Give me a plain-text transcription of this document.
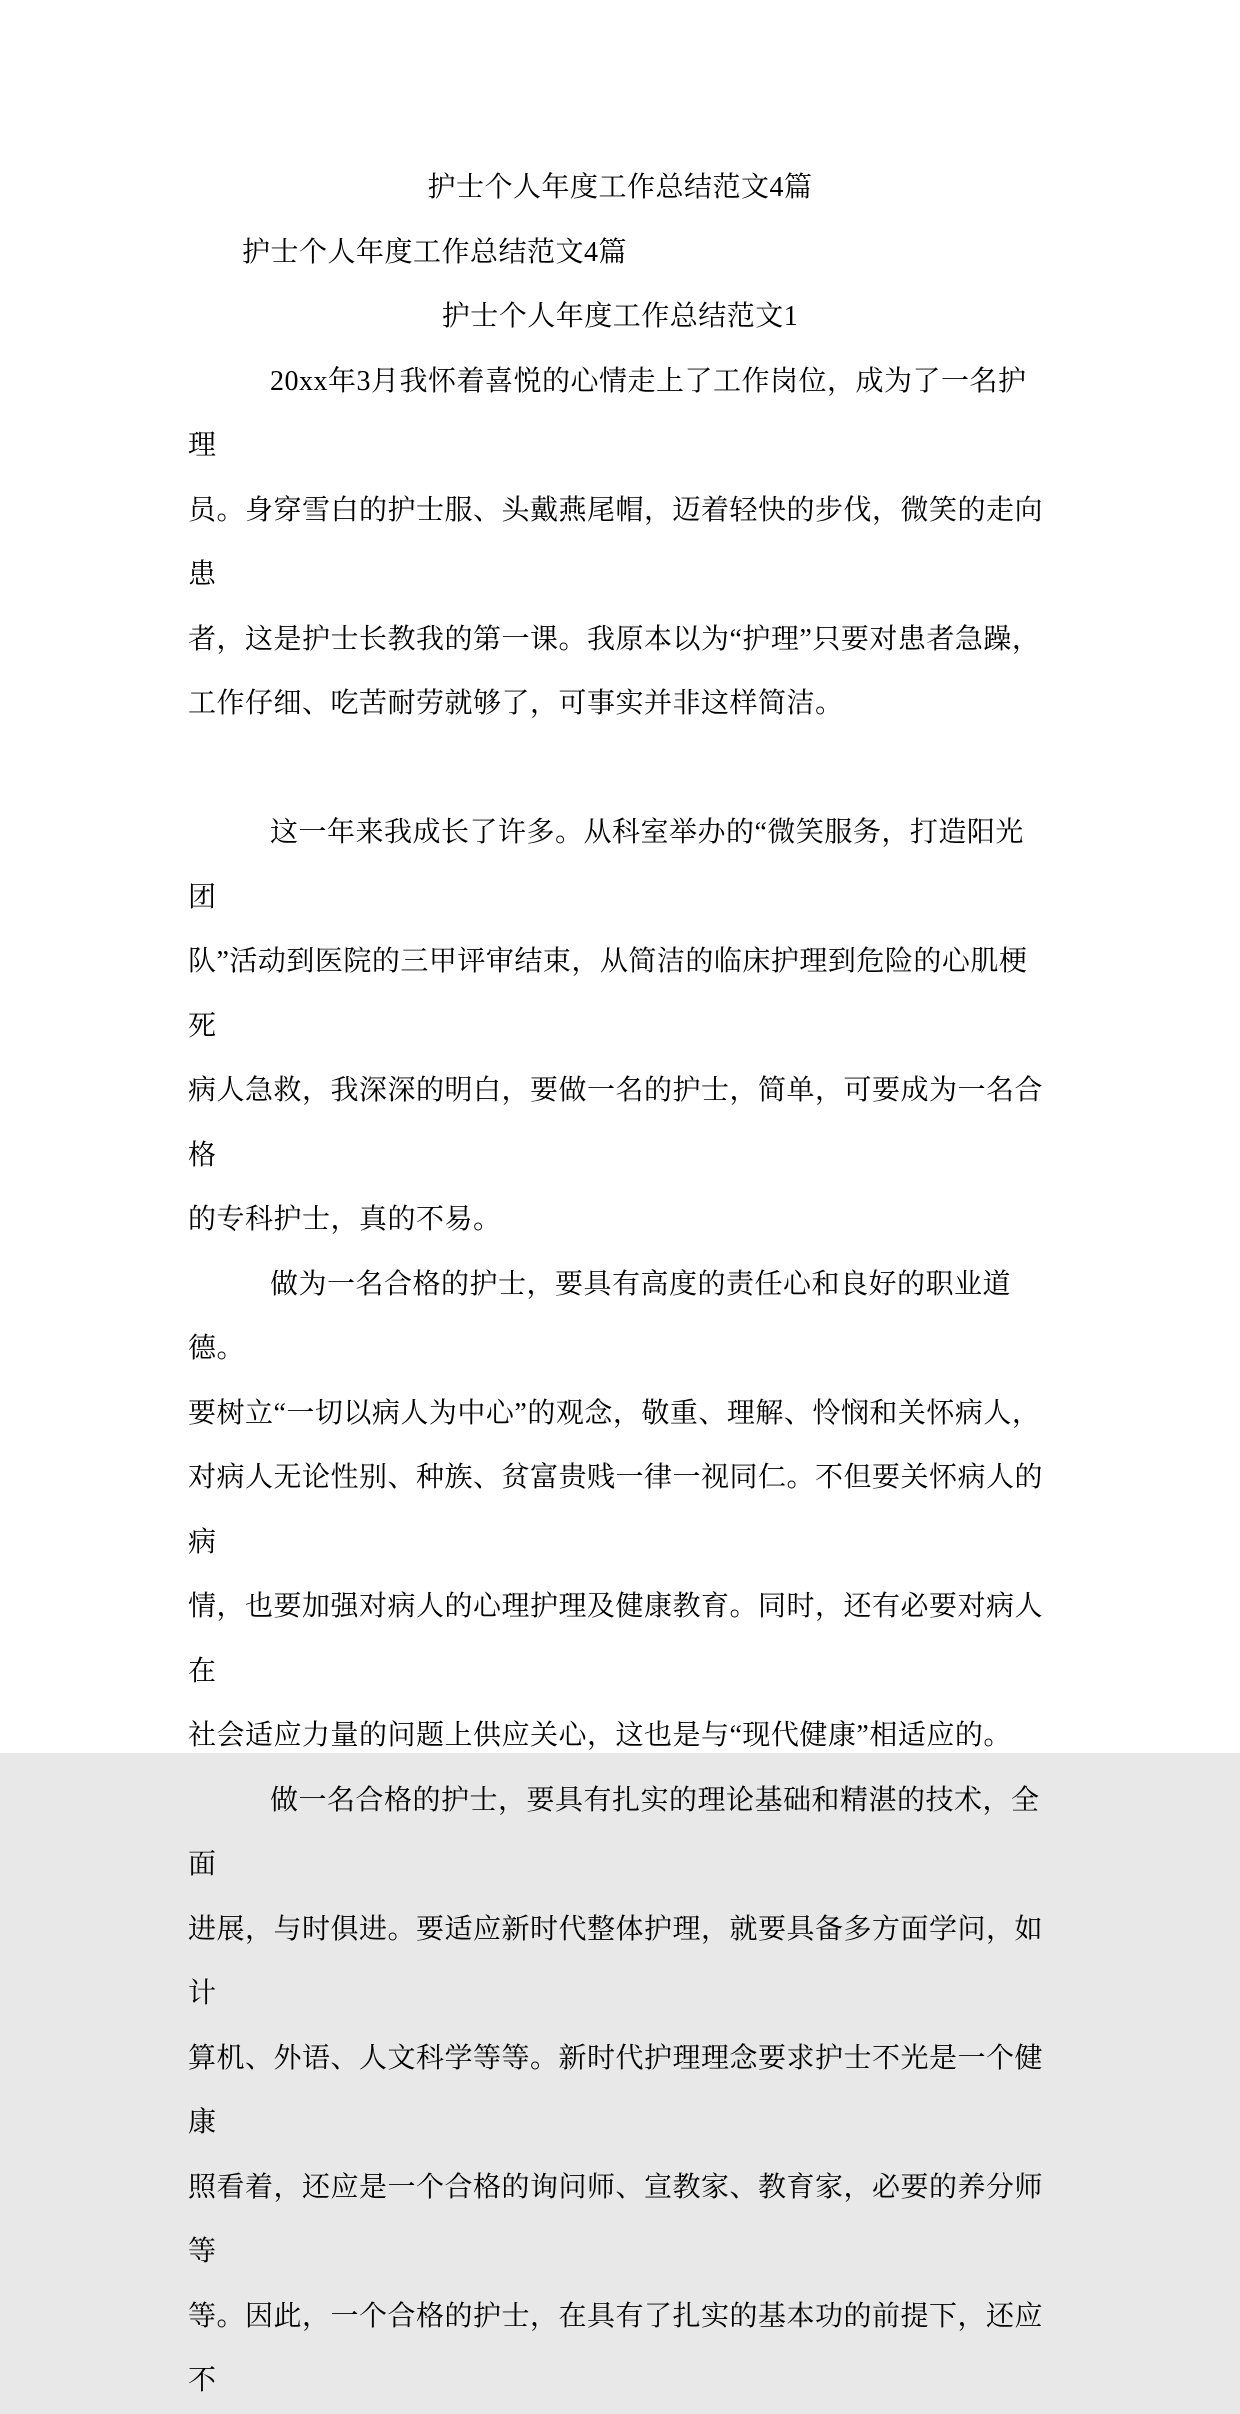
护士个人年度工作总结范文4篇
护士个人年度工作总结范文4篇
护士个人年度工作总结范文1
20xx年3月我怀着喜悦的心情走上了工作岗位，成为了一名护理
员。身穿雪白的护士服、头戴燕尾帽，迈着轻快的步伐，微笑的走向患
者，这是护士长教我的第一课。我原本以为“护理”只要对患者急躁，
工作仔细、吃苦耐劳就够了，可事实并非这样简洁。
这一年来我成长了许多。从科室举办的“微笑服务，打造阳光团
队”活动到医院的三甲评审结束，从简洁的临床护理到危险的心肌梗死
病人急救，我深深的明白，要做一名的护士，简单，可要成为一名合格
的专科护士，真的不易。
做为一名合格的护士，要具有高度的责任心和良好的职业道德。
要树立“一切以病人为中心”的观念，敬重、理解、怜悯和关怀病人，
对病人无论性别、种族、贫富贵贱一律一视同仁。不但要关怀病人的病
情，也要加强对病人的心理护理及健康教育。同时，还有必要对病人在
社会适应力量的问题上供应关心，这也是与“现代健康”相适应的。
做一名合格的护士，要具有扎实的理论基础和精湛的技术，全面
进展，与时俱进。要适应新时代整体护理，就要具备多方面学问，如计
算机、外语、人文科学等等。新时代护理理念要求护士不光是一个健康
照看着，还应是一个合格的询问师、宣教家、教育家，必要的养分师等
等。因此，一个合格的护士，在具有了扎实的基本功的前提下，还应不
